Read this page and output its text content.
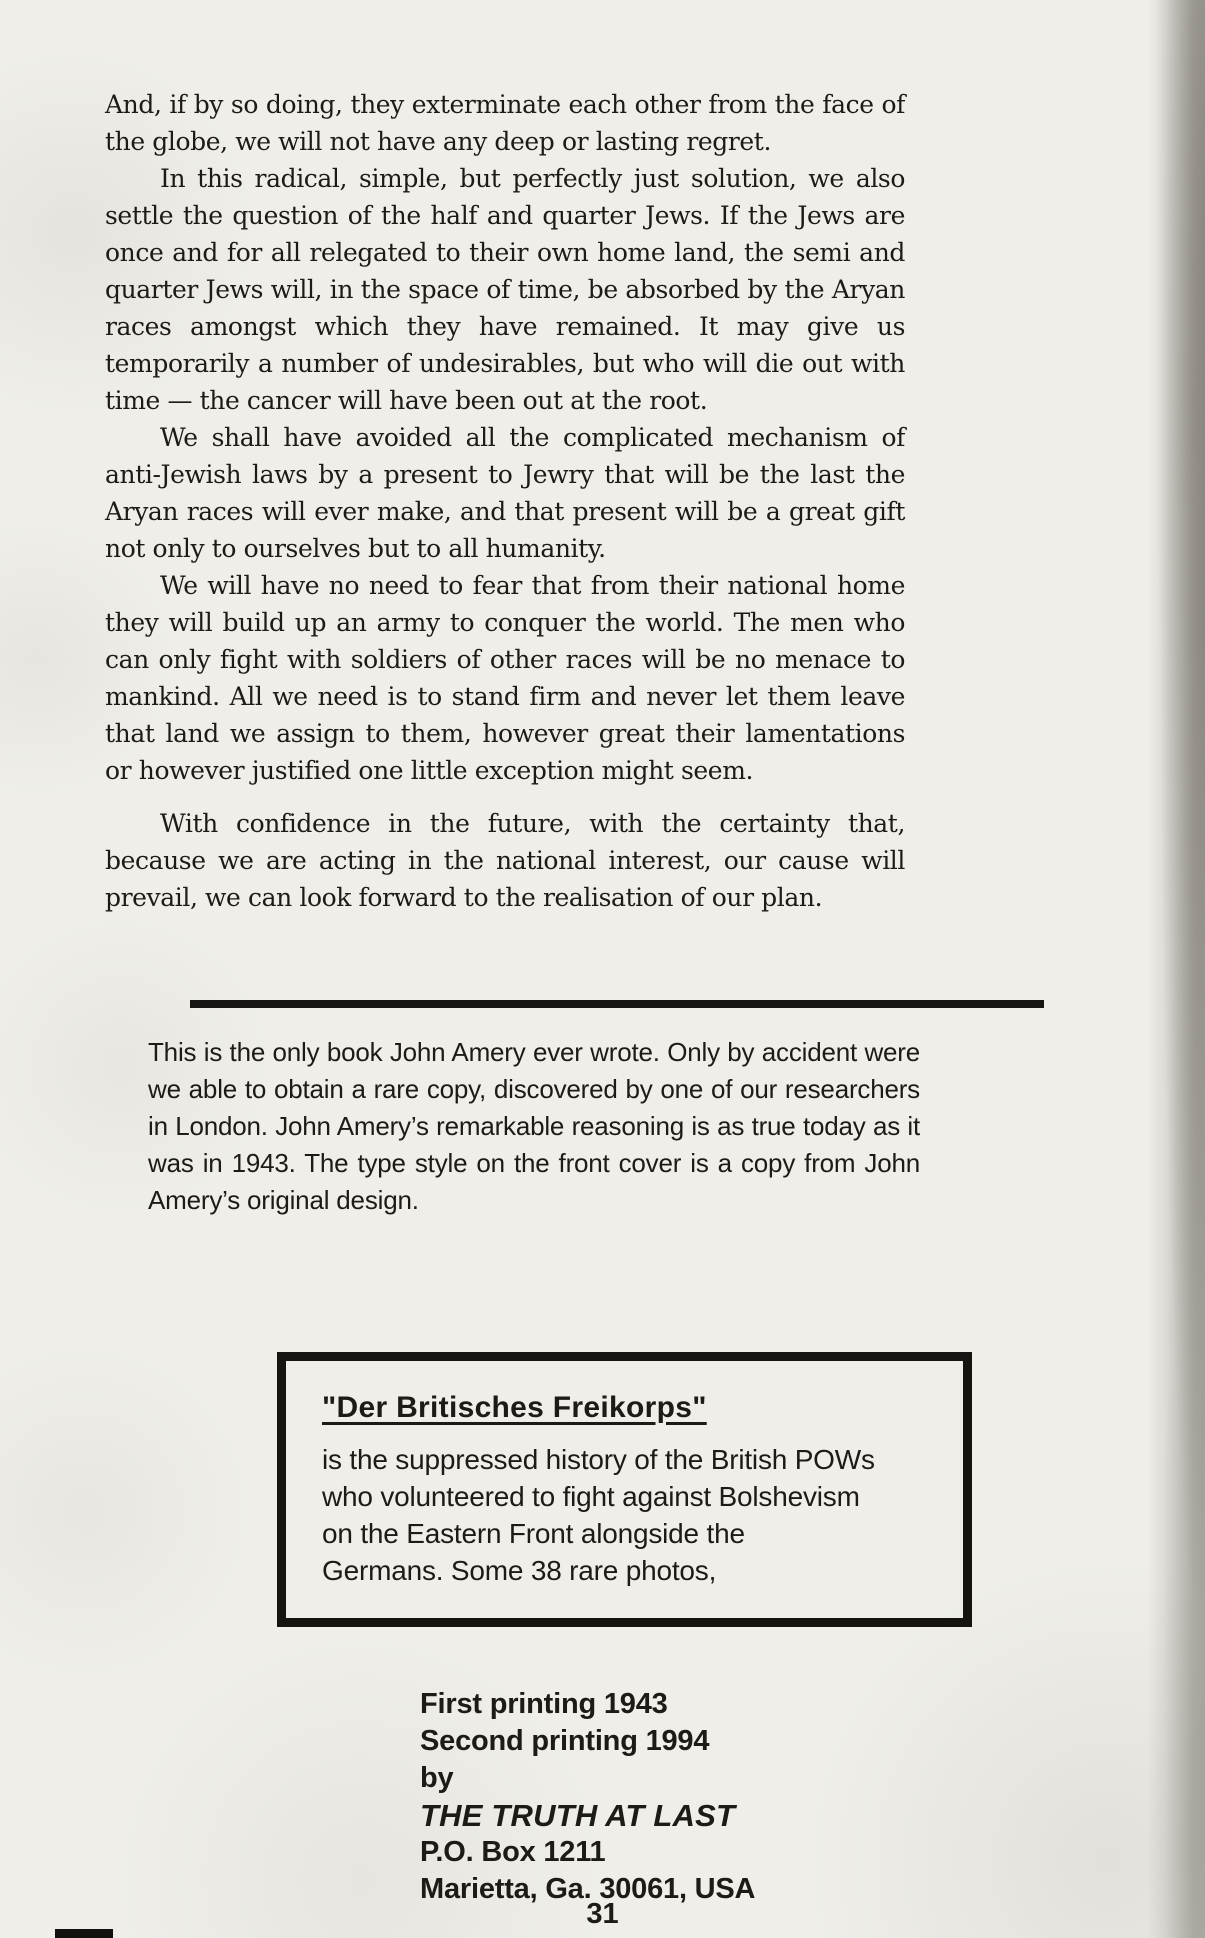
And, if by so doing, they exterminate each other from the face of the globe, we will not have any deep or lasting regret.
In this radical, simple, but perfectly just solution, we also settle the question of the half and quarter Jews. If the Jews are once and for all relegated to their own home land, the semi and quarter Jews will, in the space of time, be absorbed by the Aryan races amongst which they have remained. It may give us temporarily a number of undesirables, but who will die out with time — the cancer will have been out at the root.
We shall have avoided all the complicated mechanism of anti-Jewish laws by a present to Jewry that will be the last the Aryan races will ever make, and that present will be a great gift not only to ourselves but to all humanity.
We will have no need to fear that from their national home they will build up an army to conquer the world. The men who can only fight with soldiers of other races will be no menace to mankind. All we need is to stand firm and never let them leave that land we assign to them, however great their lamentations or however justified one little exception might seem.
With confidence in the future, with the certainty that, because we are acting in the national interest, our cause will prevail, we can look forward to the realisation of our plan.
This is the only book John Amery ever wrote. Only by accident were we able to obtain a rare copy, discovered by one of our researchers in London. John Amery’s remarkable reasoning is as true today as it was in 1943. The type style on the front cover is a copy from John Amery’s original design.
"Der Britisches Freikorps"
is the suppressed history of the British POWs
who volunteered to fight against Bolshevism
on the Eastern Front alongside the
Germans. Some 38 rare photos,
First printing 1943
Second printing 1994
by
THE TRUTH AT LAST
P.O. Box 1211
Marietta, Ga. 30061, USA
31
